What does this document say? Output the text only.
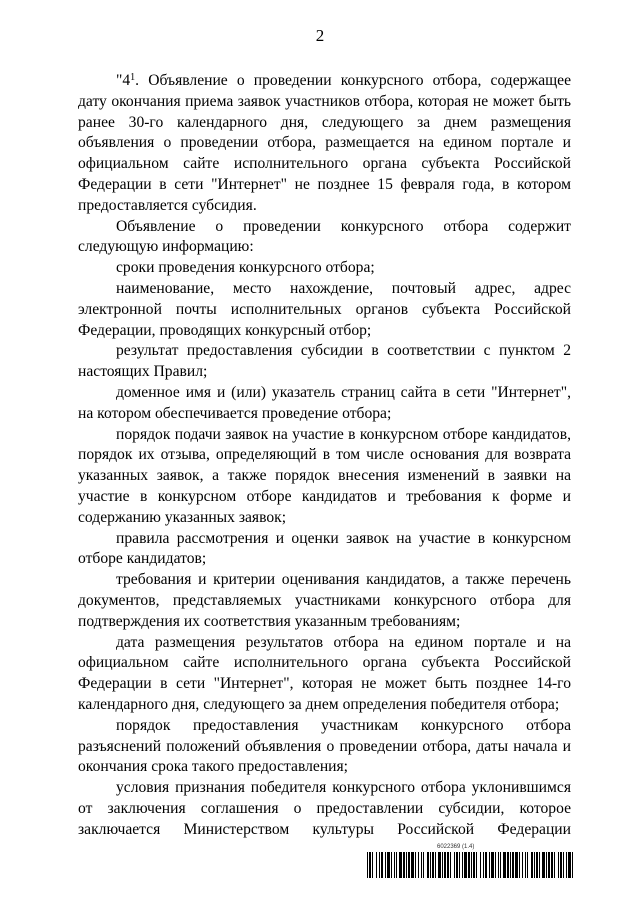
2

"$4^1$. Объявление о проведении конкурсного отбора, содержащее дату окончания приема заявок участников отбора, которая не может быть ранее 30-го календарного дня, следующего за днем размещения объявления о проведении отбора, размещается на едином портале и официальном сайте исполнительного органа субъекта Российской Федерации в сети "Интернет" не позднее 15 февраля года, в котором предоставляется субсидия.

Объявление о проведении конкурсного отбора содержит следующую информацию:

сроки проведения конкурсного отбора;

наименование, место нахождение, почтовый адрес, адрес электронной почты исполнительных органов субъекта Российской Федерации, проводящих конкурсный отбор;

результат предоставления субсидии в соответствии с пунктом 2 настоящих Правил;

доменное имя и (или) указатель страниц сайта в сети "Интернет", на котором обеспечивается проведение отбора;

порядок подачи заявок на участие в конкурсном отборе кандидатов, порядок их отзыва, определяющий в том числе основания для возврата указанных заявок, а также порядок внесения изменений в заявки на участие в конкурсном отборе кандидатов и требования к форме и содержанию указанных заявок;

правила рассмотрения и оценки заявок на участие в конкурсном отборе кандидатов;

требования и критерии оценивания кандидатов, а также перечень документов, представляемых участниками конкурсного отбора для подтверждения их соответствия указанным требованиям;

дата размещения результатов отбора на едином портале и на официальном сайте исполнительного органа субъекта Российской Федерации в сети "Интернет", которая не может быть позднее 14-го календарного дня, следующего за днем определения победителя отбора;

порядок предоставления участникам конкурсного отбора разъяснений положений объявления о проведении отбора, даты начала и окончания срока такого предоставления;

условия признания победителя конкурсного отбора уклонившимся от заключения соглашения о предоставлении субсидии, которое заключается Министерством культуры Российской Федерации

6022369 (1.4)
